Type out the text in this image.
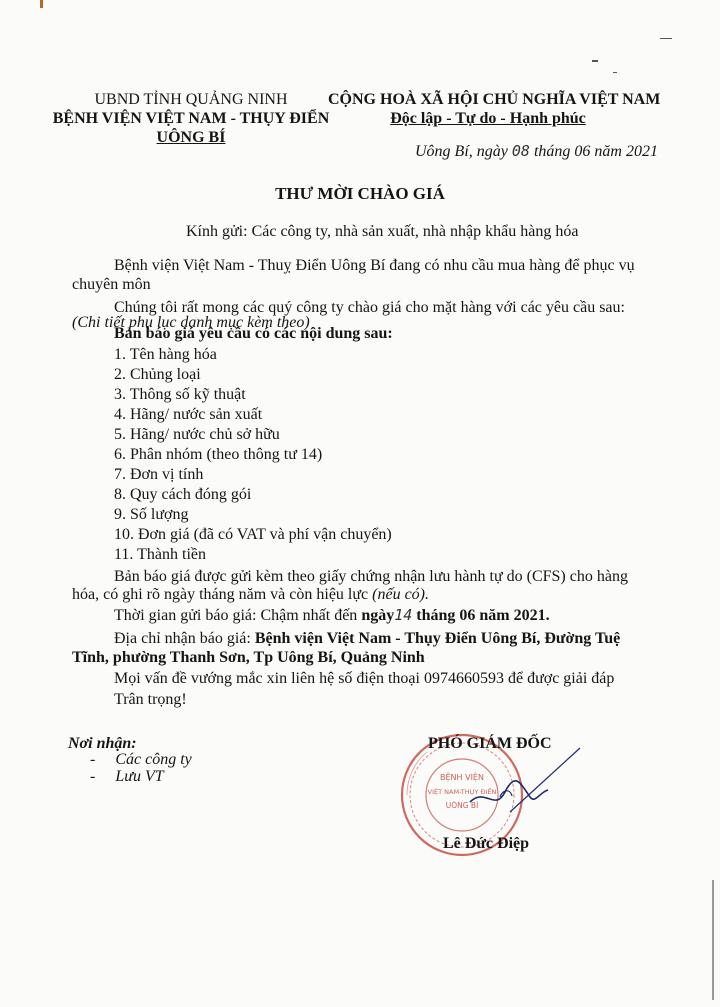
UBND TỈNH QUẢNG NINH
BỆNH VIỆN VIỆT NAM - THỤY ĐIỂN
UÔNG BÍ
CỘNG HOÀ XÃ HỘI CHỦ NGHĨA VIỆT NAM
Độc lập - Tự do - Hạnh phúc
Uông Bí, ngày 08 tháng 06 năm 2021
THƯ MỜI CHÀO GIÁ
Kính gửi: Các công ty, nhà sản xuất, nhà nhập khẩu hàng hóa
Bệnh viện Việt Nam - Thuỵ Điển Uông Bí đang có nhu cầu mua hàng để phục vụ
chuyên môn
Chúng tôi rất mong các quý công ty chào giá cho mặt hàng với các yêu cầu sau:
(Chi tiết phụ lục danh mục kèm theo)
Bản báo giá yêu cầu có các nội dung sau:
1. Tên hàng hóa
2. Chủng loại
3. Thông số kỹ thuật
4. Hãng/ nước sản xuất
5. Hãng/ nước chủ sở hữu
6. Phân nhóm (theo thông tư 14)
7. Đơn vị tính
8. Quy cách đóng gói
9. Số lượng
10. Đơn giá (đã có VAT và phí vận chuyển)
11. Thành tiền
Bản báo giá được gửi kèm theo giấy chứng nhận lưu hành tự do (CFS) cho hàng
hóa, có ghi rõ ngày tháng năm và còn hiệu lực (nếu có).
Thời gian gửi báo giá: Chậm nhất đến ngày14 tháng 06 năm 2021.
Địa chỉ nhận báo giá: Bệnh viện Việt Nam - Thụy Điển Uông Bí, Đường Tuệ
Tĩnh, phường Thanh Sơn, Tp Uông Bí, Quảng Ninh
Mọi vấn đề vướng mắc xin liên hệ số điện thoại 0974660593 để được giải đáp
Trân trọng!
Nơi nhận:
-     Các công ty
-     Lưu VT	BỆNH VIỆN
VIỆT NAM-THỤY ĐIỂN
UÔNG BÍ
PHÓ GIÁM ĐỐC
Lê Đức Điệp
